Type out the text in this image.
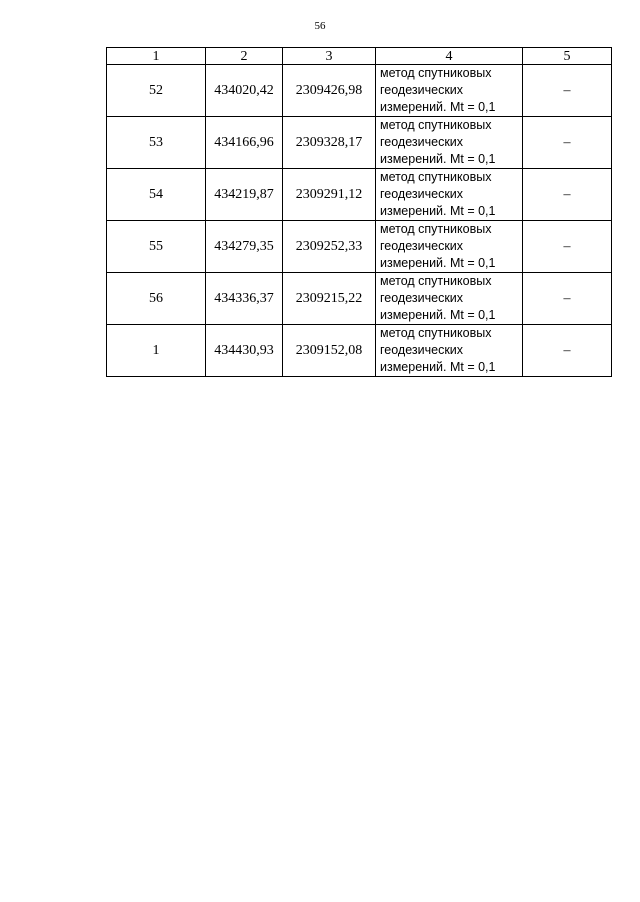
56
1	2	3	4	5
52	434020,42	2309426,98	метод спутниковых
геодезических
измерений. Mt = 0,1	–
53	434166,96	2309328,17	метод спутниковых
геодезических
измерений. Mt = 0,1	–
54	434219,87	2309291,12	метод спутниковых
геодезических
измерений. Mt = 0,1	–
55	434279,35	2309252,33	метод спутниковых
геодезических
измерений. Mt = 0,1	–
56	434336,37	2309215,22	метод спутниковых
геодезических
измерений. Mt = 0,1	–
1	434430,93	2309152,08	метод спутниковых
геодезических
измерений. Mt = 0,1	–
